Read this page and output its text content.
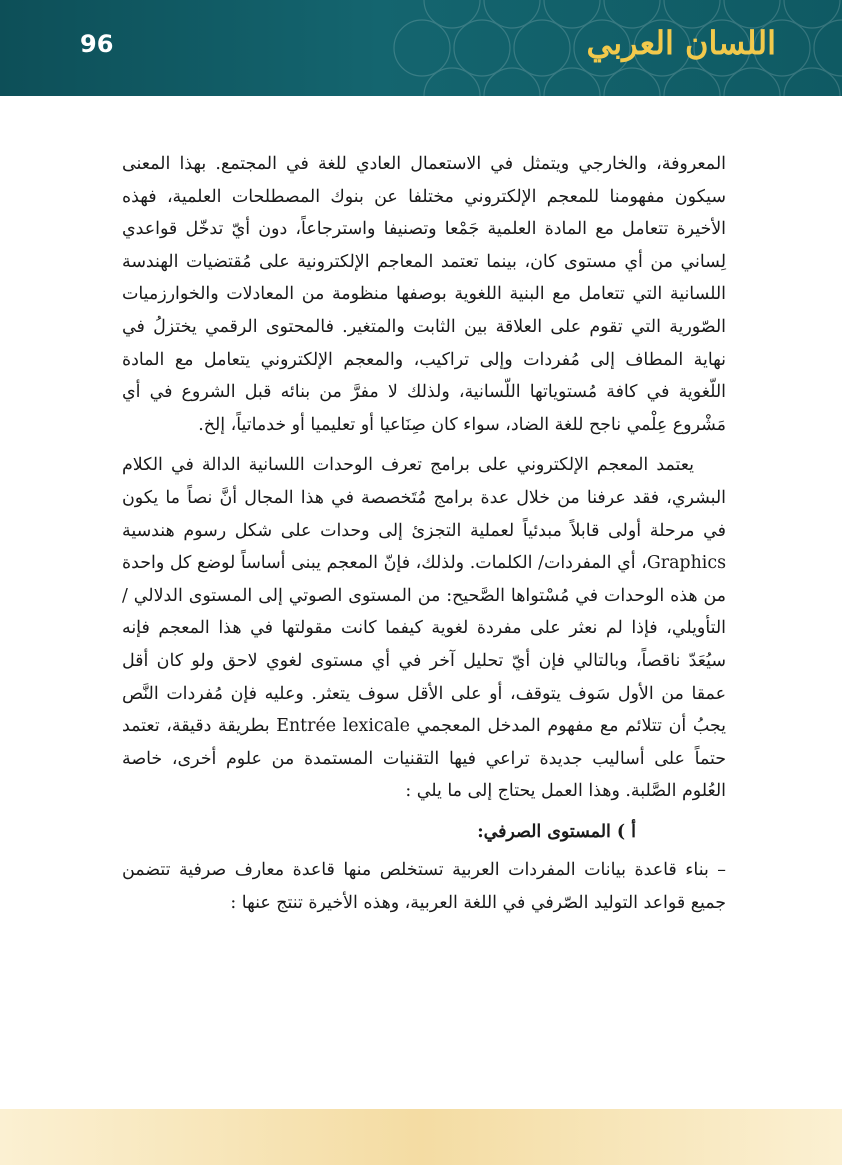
96	اللسان العربي

المعروفة، والخارجي ويتمثل في الاستعمال العادي للغة في المجتمع. بهذا المعنى سيكون مفهومنا للمعجم الإلكتروني مختلفا عن بنوك المصطلحات العلمية، فهذه الأخيرة تتعامل مع المادة العلمية جَمْعا وتصنيفا واسترجاعاً، دون أيّ تدخّل قواعدي لِساني من أي مستوى كان، بينما تعتمد المعاجم الإلكترونية على مُقتضيات الهندسة اللسانية التي تتعامل مع البنية اللغوية بوصفها منظومة من المعادلات والخوارزميات الصّورية التي تقوم على العلاقة بين الثابت والمتغير. فالمحتوى الرقمي يختزلُ في نهاية المطاف إلى مُفردات وإلى تراكيب، والمعجم الإلكتروني يتعامل مع المادة اللّغوية في كافة مُستوياتها اللّسانية، ولذلك لا مفرَّ من بنائه قبل الشروع في أي مَشْروع عِلْمي ناجح للغة الضاد، سواء كان صِنَاعيا أو تعليميا أو خدماتياً، إلخ.

يعتمد المعجم الإلكتروني على برامج تعرف الوحدات اللسانية الدالة في الكلام البشري، فقد عرفنا من خلال عدة برامج مُتَخصصة في هذا المجال أنَّ نصاً ما يكون في مرحلة أولى قابلاً مبدئياً لعملية التجزئ إلى وحدات على شكل رسوم هندسية Graphics، أي المفردات/ الكلمات. ولذلك، فإنّ المعجم يبنى أساساً لوضع كل واحدة من هذه الوحدات في مُسْتواها الصَّحيح: من المستوى الصوتي إلى المستوى الدلالي / التأويلي، فإذا لم نعثر على مفردة لغوية كيفما كانت مقولتها في هذا المعجم فإنه سيُعَدّ ناقصاً، وبالتالي فإن أيّ تحليل آخر في أي مستوى لغوي لاحق ولو كان أقل عمقا من الأول سَوف يتوقف، أو على الأقل سوف يتعثر. وعليه فإن مُفردات النَّص يجبُ أن تتلائم مع مفهوم المدخل المعجمي Entrée lexicale بطريقة دقيقة، تعتمد حتماً على أساليب جديدة تراعي فيها التقنيات المستمدة من علوم أخرى، خاصة العُلوم الصَّلبة. وهذا العمل يحتاج إلى ما يلي :

أ ) المستوى الصرفي:

– بناء قاعدة بيانات المفردات العربية تستخلص منها قاعدة معارف صرفية تتضمن جميع قواعد التوليد الصّرفي في اللغة العربية، وهذه الأخيرة تنتج عنها :
